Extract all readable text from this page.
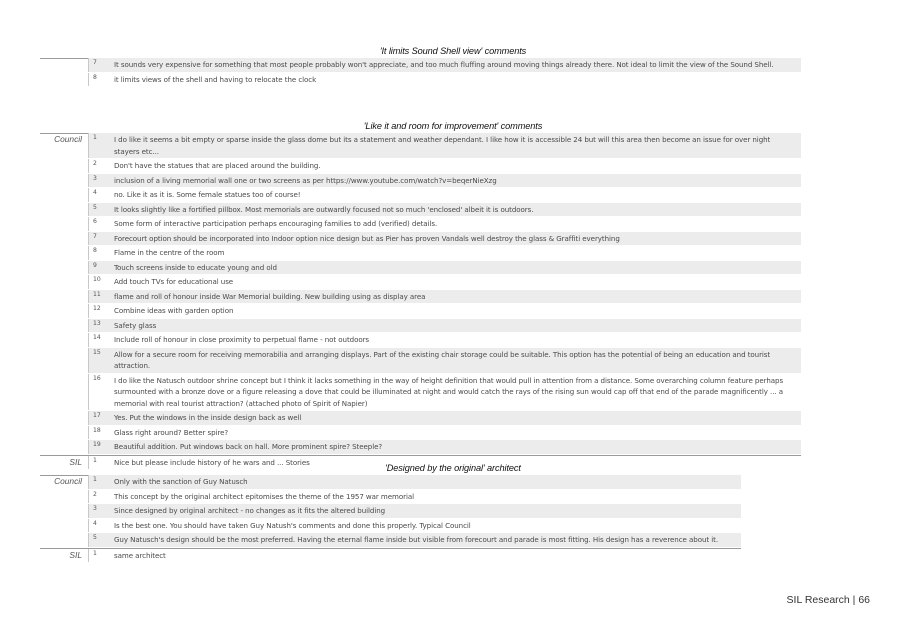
'It limits Sound Shell view' comments
7	It sounds very expensive for something that most people probably won't appreciate, and too much fluffing around moving things already there. Not ideal to limit the view of the Sound Shell.
8	it limits views of the shell and having to relocate the clock
'Like it and room for improvement' comments
Council	1	I do like it seems a bit empty or sparse inside the glass dome but its a statement and weather dependant. I like how it is accessible 24 but will this area then become an issue for over night stayers etc...
2	Don't have the statues that are placed around the building.
3	inclusion of a living memorial wall one or two screens as per https://www.youtube.com/watch?v=beqerNieXzg
4	no. Like it as it is. Some female statues too of course!
5	It looks slightly like a fortified pillbox. Most memorials are outwardly focused not so much 'enclosed' albeit it is outdoors.
6	Some form of interactive participation perhaps encouraging families to add (verified) details.
7	Forecourt option should be incorporated into Indoor option nice design but as Pier has proven Vandals well destroy the glass & Graffiti everything
8	Flame in the centre of the room
9	Touch screens inside to educate young and old
10	Add touch TVs for educational use
11	flame and roll of honour inside War Memorial building. New building using as display area
12	Combine ideas with garden option
13	Safety glass
14	Include roll of honour in close proximity to perpetual flame - not outdoors
15	Allow for a secure room for receiving memorabilia and arranging displays. Part of the existing chair storage could be suitable. This option has the potential of being an education and tourist attraction.
16	I do like the Natusch outdoor shrine concept but I think it lacks something in the way of height definition that would pull in attention from a distance. Some overarching column feature perhaps surmounted with a bronze dove or a figure releasing a dove that could be illuminated at night and would catch the rays of the rising sun would cap off that end of the parade magnificently ... a memorial with real tourist attraction? (attached photo of Spirit of Napier)
17	Yes. Put the windows in the inside design back as well
18	Glass right around? Better spire?
19	Beautiful addition. Put windows back on hall. More prominent spire? Steeple?
SIL	1	Nice but please include history of he wars and ... Stories
'Designed by the original' architect
Council	1	Only with the sanction of Guy Natusch
2	This concept by the original architect epitomises the theme of the 1957 war memorial
3	Since designed by original architect - no changes as it fits the altered building
4	Is the best one. You should have taken Guy Natush's comments and done this properly. Typical Council
5	Guy Natusch's design should be the most preferred. Having the eternal flame inside but visible from forecourt and parade is most fitting. His design has a reverence about it.
SIL	1	same architect
SIL Research | 66
